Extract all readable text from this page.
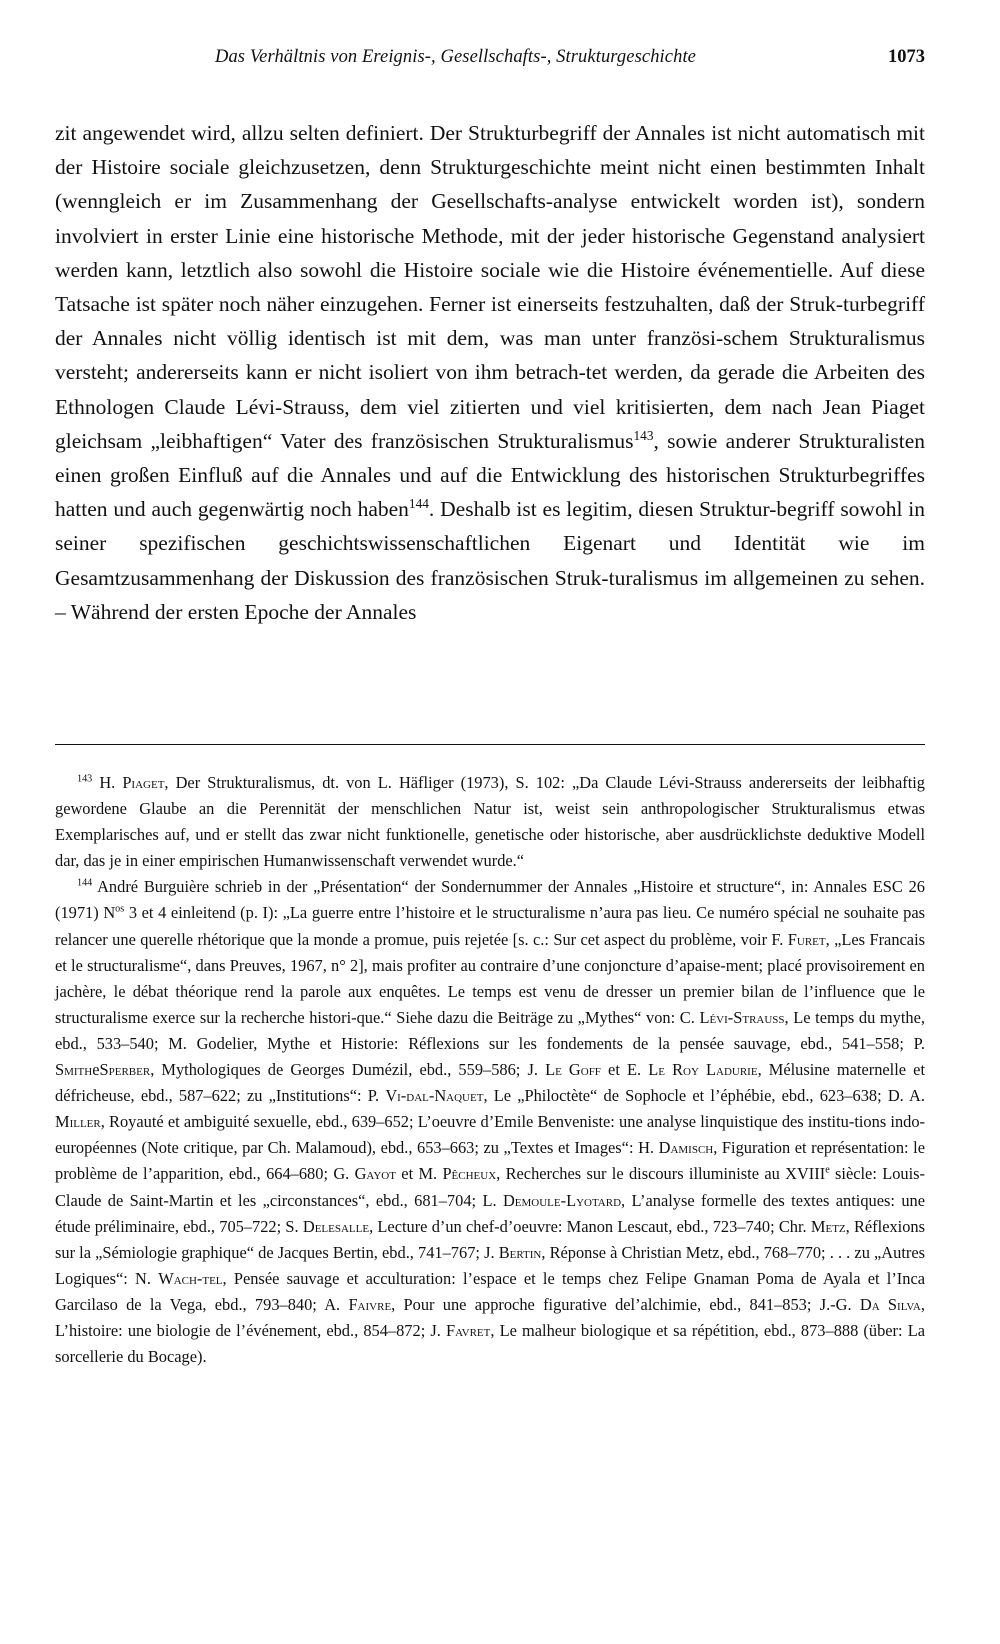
Das Verhältnis von Ereignis-, Gesellschafts-, Strukturgeschichte	1073

zit angewendet wird, allzu selten definiert. Der Strukturbegriff der Annales ist nicht automatisch mit der Histoire sociale gleichzusetzen, denn Strukturgeschichte meint nicht einen bestimmten Inhalt (wenngleich er im Zusammenhang der Gesellschafts-analyse entwickelt worden ist), sondern involviert in erster Linie eine historische Methode, mit der jeder historische Gegenstand analysiert werden kann, letztlich also sowohl die Histoire sociale wie die Histoire événementielle. Auf diese Tatsache ist später noch näher einzugehen. Ferner ist einerseits festzuhalten, daß der Struk-turbegriff der Annales nicht völlig identisch ist mit dem, was man unter französi-schem Strukturalismus versteht; andererseits kann er nicht isoliert von ihm betrach-tet werden, da gerade die Arbeiten des Ethnologen Claude Lévi-Strauss, dem viel zitierten und viel kritisierten, dem nach Jean Piaget gleichsam „leibhaftigen“ Vater des französischen Strukturalismus$^{143}$, sowie anderer Strukturalisten einen großen Einfluß auf die Annales und auf die Entwicklung des historischen Strukturbegriffes hatten und auch gegenwärtig noch haben$^{144}$. Deshalb ist es legitim, diesen Struktur-begriff sowohl in seiner spezifischen geschichtswissenschaftlichen Eigenart und Identität wie im Gesamtzusammenhang der Diskussion des französischen Struk-turalismus im allgemeinen zu sehen. – Während der ersten Epoche der Annales

$^{143}$ H. Piaget, Der Strukturalismus, dt. von L. Häfliger (1973), S. 102: „Da Claude Lévi-Strauss andererseits der leibhaftig gewordene Glaube an die Perennität der menschlichen Natur ist, weist sein anthropologischer Strukturalismus etwas Exemplarisches auf, und er stellt das zwar nicht funktionelle, genetische oder historische, aber ausdrücklichste deduktive Modell dar, das je in einer empirischen Humanwissenschaft verwendet wurde.“

$^{144}$ André Burguière schrieb in der „Présentation“ der Sondernummer der Annales „Histoire et structure“, in: Annales ESC 26 (1971) $N^{os}$ 3 et 4 einleitend (p. I): „La guerre entre l’histoire et le structuralisme n’aura pas lieu. Ce numéro spécial ne souhaite pas relancer une querelle rhétorique que la monde a promue, puis rejetée [s. c.: Sur cet aspect du problème, voir F. Furet, „Les Francais et le structuralisme“, dans Preuves, 1967, n° 2], mais profiter au contraire d’une conjoncture d’apaise-ment; placé provisoirement en jachère, le débat théorique rend la parole aux enquêtes. Le temps est venu de dresser un premier bilan de l’influence que le structuralisme exerce sur la recherche histori-que.“ Siehe dazu die Beiträge zu „Mythes“ von: C. Lévi-Strauss, Le temps du mythe, ebd., 533–540; M. Godelier, Mythe et Historie: Réflexions sur les fondements de la pensée sauvage, ebd., 541–558; P. SmitheSperber, Mythologiques de Georges Dumézil, ebd., 559–586; J. Le Goff et E. Le Roy Ladurie, Mélusine maternelle et défricheuse, ebd., 587–622; zu „Institutions“: P. Vi-dal-Naquet, Le „Philoctète“ de Sophocle et l’éphébie, ebd., 623–638; D. A. Miller, Royauté et ambiguité sexuelle, ebd., 639–652; L’oeuvre d’Emile Benveniste: une analyse linquistique des institu-tions indo-européennes (Note critique, par Ch. Malamoud), ebd., 653–663; zu „Textes et Images“: H. Damisch, Figuration et représentation: le problème de l’apparition, ebd., 664–680; G. Gayot et M. Pêcheux, Recherches sur le discours illuministe au XVIIIe siècle: Louis-Claude de Saint-Martin et les „circonstances“, ebd., 681–704; L. Demoule-Lyotard, L’analyse formelle des textes antiques: une étude préliminaire, ebd., 705–722; S. Delesalle, Lecture d’un chef-d’oeuvre: Manon Lescaut, ebd., 723–740; Chr. Metz, Réflexions sur la „Sémiologie graphique“ de Jacques Bertin, ebd., 741–767; J. Bertin, Réponse à Christian Metz, ebd., 768–770; . . . zu „Autres Logiques“: N. Wach-tel, Pensée sauvage et acculturation: l’espace et le temps chez Felipe Gnaman Poma de Ayala et l’Inca Garcilaso de la Vega, ebd., 793–840; A. Faivre, Pour une approche figurative del’alchimie, ebd., 841–853; J.-G. Da Silva, L’histoire: une biologie de l’événement, ebd., 854–872; J. Favret, Le malheur biologique et sa répétition, ebd., 873–888 (über: La sorcellerie du Bocage).
